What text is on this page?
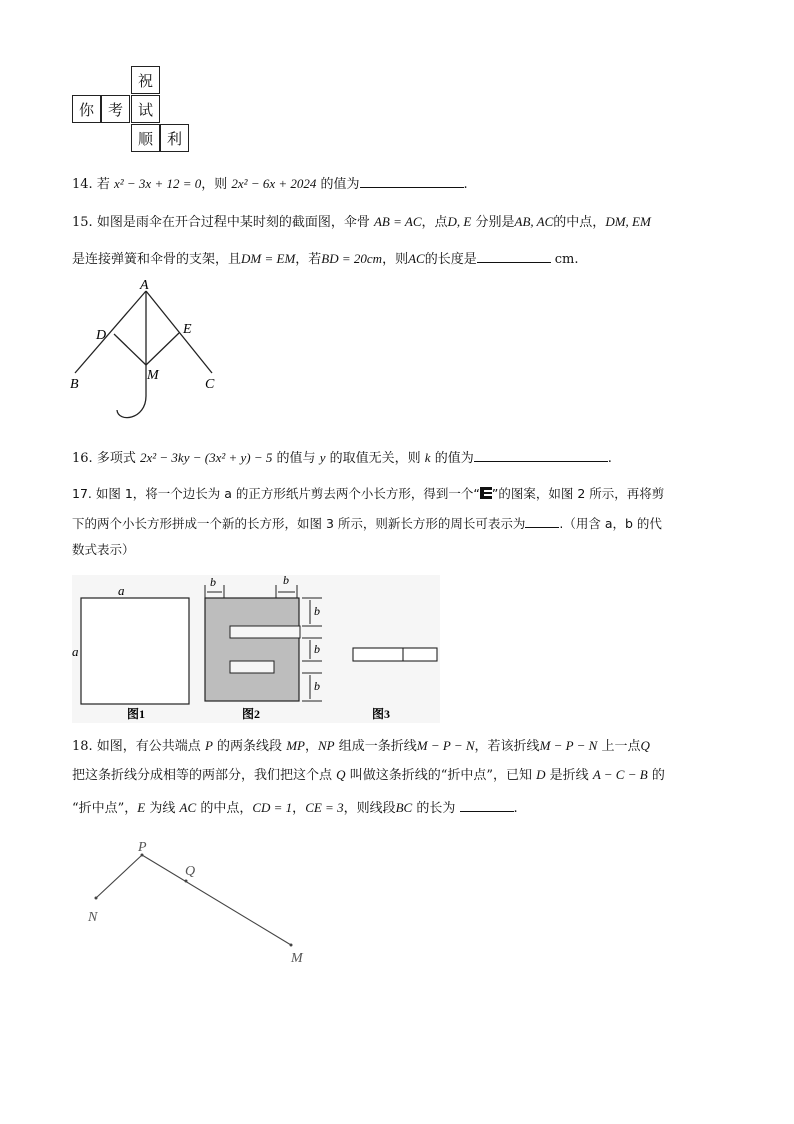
祝
你 考 试
顺 利
14. 若 x² − 3x + 12 = 0，则 2x² − 6x + 2024 的值为	.
15. 如图是雨伞在开合过程中某时刻的截面图，伞骨 AB = AC，点D, E 分别是AB, AC的中点，DM, EM
是连接弹簧和伞骨的支架，且DM = EM，若BD = 20cm，则AC的长度是	cm.
A
D	E
M
B	C
16. 多项式 2x² − 3ky − (3x² + y) − 5 的值与 y 的取值无关，则 k 的值为	.
17. 如图 1，将一个边长为 a 的正方形纸片剪去两个小长方形，得到一个“ ”的图案，如图 2 所示，再将剪
下的两个小长方形拼成一个新的长方形，如图 3 所示，则新长方形的周长可表示为	.（用含 a，b 的代
数式表示）
a
a
图1
b	b
b
b
b
图2	图3
18. 如图，有公共端点 P 的两条线段 MP，NP 组成一条折线M − P − N，若该折线M − P − N 上一点Q
把这条折线分成相等的两部分，我们把这个点 Q 叫做这条折线的“折中点”，已知 D 是折线 A − C − B 的
“折中点”，E 为线 AC 的中点，CD = 1，CE = 3，则线段BC 的长为	.
P
Q
N
M
